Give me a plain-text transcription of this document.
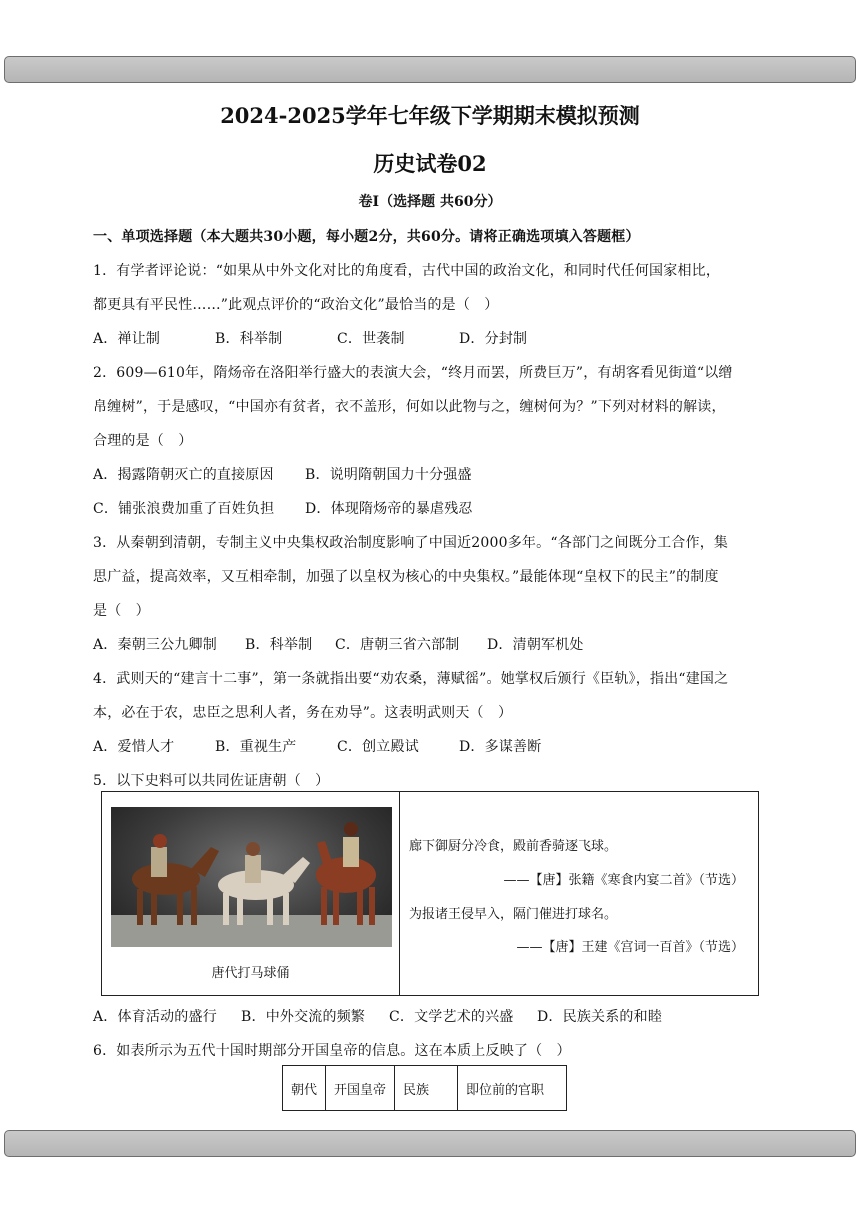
2024-2025学年七年级下学期期末模拟预测
历史试卷02
卷Ⅰ（选择题 共60分）
一、单项选择题（本大题共30小题，每小题2分，共60分。请将正确选项填入答题框）
1．有学者评论说：“如果从中外文化对比的角度看，古代中国的政治文化，和同时代任何国家相比，
都更具有平民性……”此观点评价的“政治文化”最恰当的是（　）
A．禅让制	B．科举制	C．世袭制	D．分封制
2．609—610年，隋炀帝在洛阳举行盛大的表演大会，“终月而罢，所费巨万”，有胡客看见街道“以缯
帛缠树”，于是感叹，“中国亦有贫者，衣不盖形，何如以此物与之，缠树何为？”下列对材料的解读，
合理的是（　）
A．揭露隋朝灭亡的直接原因 B．说明隋朝国力十分强盛
C．铺张浪费加重了百姓负担 D．体现隋炀帝的暴虐残忍
3．从秦朝到清朝，专制主义中央集权政治制度影响了中国近2000多年。“各部门之间既分工合作，集
思广益，提高效率，又互相牵制，加强了以皇权为核心的中央集权。”最能体现“皇权下的民主”的制度
是（　）
A．秦朝三公九卿制 B．科举制 C．唐朝三省六部制 D．清朝军机处
4．武则天的“建言十二事”，第一条就指出要“劝农桑，薄赋徭”。她掌权后颁行《臣轨》，指出“建国之
本，必在于农，忠臣之思利人者，务在劝导”。这表明武则天（　）
A．爱惜人才	B．重视生产	C．创立殿试	D．多谋善断
5．以下史料可以共同佐证唐朝（　）
唐代打马球俑
廊下御厨分冷食，殿前香骑逐飞球。
——【唐】张籍《寒食内宴二首》（节选）
为报诸王侵早入，隔门催进打球名。
——【唐】王建《宫词一百首》（节选）
A．体育活动的盛行 B．中外交流的频繁 C．文学艺术的兴盛 D．民族关系的和睦
6．如表所示为五代十国时期部分开国皇帝的信息。这在本质上反映了（　）
朝代	开国皇帝	民族	即位前的官职
